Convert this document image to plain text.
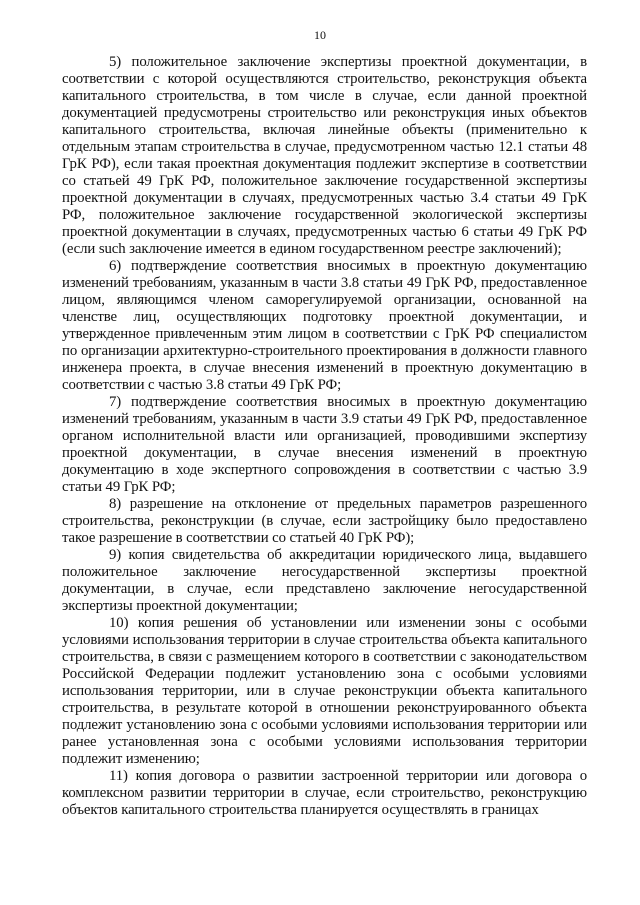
10

5) положительное заключение экспертизы проектной документации, в соответствии с которой осуществляются строительство, реконструкция объекта капитального строительства, в том числе в случае, если данной проектной документацией предусмотрены строительство или реконструкция иных объектов капитального строительства, включая линейные объекты (применительно к отдельным этапам строительства в случае, предусмотренном частью 12.1 статьи 48 ГрК РФ), если такая проектная документация подлежит экспертизе в соответствии со статьей 49 ГрК РФ, положительное заключение государственной экспертизы проектной документации в случаях, предусмотренных частью 3.4 статьи 49 ГрК РФ, положительное заключение государственной экологической экспертизы проектной документации в случаях, предусмотренных частью 6 статьи 49 ГрК РФ (если such заключение имеется в едином государственном реестре заключений);

6) подтверждение соответствия вносимых в проектную документацию изменений требованиям, указанным в части 3.8 статьи 49 ГрК РФ, предоставленное лицом, являющимся членом саморегулируемой организации, основанной на членстве лиц, осуществляющих подготовку проектной документации, и утвержденное привлеченным этим лицом в соответствии с ГрК РФ специалистом по организации архитектурно-строительного проектирования в должности главного инженера проекта, в случае внесения изменений в проектную документацию в соответствии с частью 3.8 статьи 49 ГрК РФ;

7) подтверждение соответствия вносимых в проектную документацию изменений требованиям, указанным в части 3.9 статьи 49 ГрК РФ, предоставленное органом исполнительной власти или организацией, проводившими экспертизу проектной документации, в случае внесения изменений в проектную документацию в ходе экспертного сопровождения в соответствии с частью 3.9 статьи 49 ГрК РФ;

8) разрешение на отклонение от предельных параметров разрешенного строительства, реконструкции (в случае, если застройщику было предоставлено такое разрешение в соответствии со статьей 40 ГрК РФ);

9) копия свидетельства об аккредитации юридического лица, выдавшего положительное заключение негосударственной экспертизы проектной документации, в случае, если представлено заключение негосударственной экспертизы проектной документации;

10) копия решения об установлении или изменении зоны с особыми условиями использования территории в случае строительства объекта капитального строительства, в связи с размещением которого в соответствии с законодательством Российской Федерации подлежит установлению зона с особыми условиями использования территории, или в случае реконструкции объекта капитального строительства, в результате которой в отношении реконструированного объекта подлежит установлению зона с особыми условиями использования территории или ранее установленная зона с особыми условиями использования территории подлежит изменению;

11) копия договора о развитии застроенной территории или договора о комплексном развитии территории в случае, если строительство, реконструкцию объектов капитального строительства планируется осуществлять в границах
